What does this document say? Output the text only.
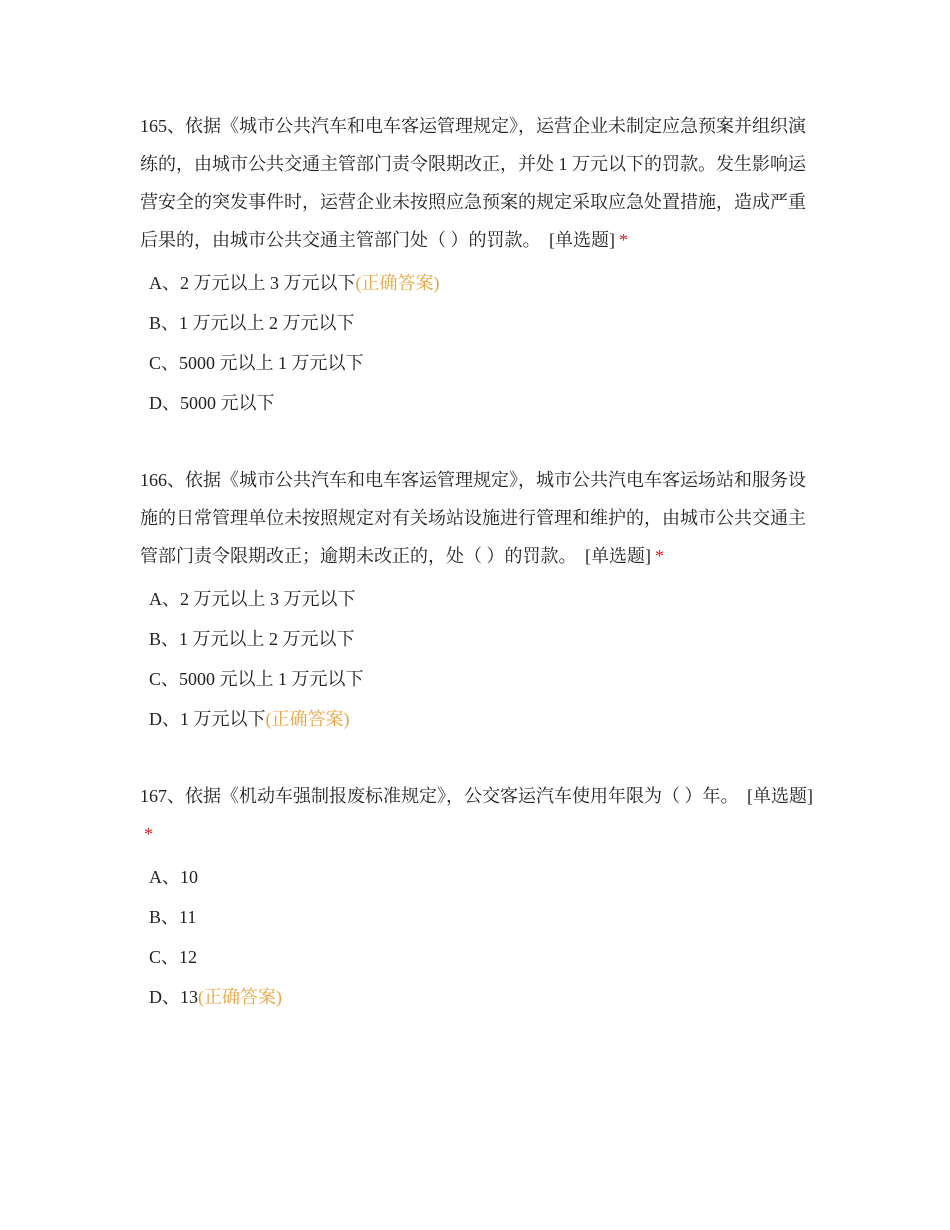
165、依据《城市公共汽车和电车客运管理规定》，运营企业未制定应急预案并组织演练的，由城市公共交通主管部门责令限期改正，并处 1 万元以下的罚款。发生影响运营安全的突发事件时，运营企业未按照应急预案的规定采取应急处置措施，造成严重后果的，由城市公共交通主管部门处（ ）的罚款。 [单选题] *

A、2 万元以上 3 万元以下(正确答案)
B、1 万元以上 2 万元以下
C、5000 元以上 1 万元以下
D、5000 元以下

166、依据《城市公共汽车和电车客运管理规定》，城市公共汽电车客运场站和服务设施的日常管理单位未按照规定对有关场站设施进行管理和维护的，由城市公共交通主管部门责令限期改正；逾期未改正的，处（ ）的罚款。 [单选题] *

A、2 万元以上 3 万元以下
B、1 万元以上 2 万元以下
C、5000 元以上 1 万元以下
D、1 万元以下(正确答案)

167、依据《机动车强制报废标准规定》，公交客运汽车使用年限为（ ）年。 [单选题]*

A、10
B、11
C、12
D、13(正确答案)
